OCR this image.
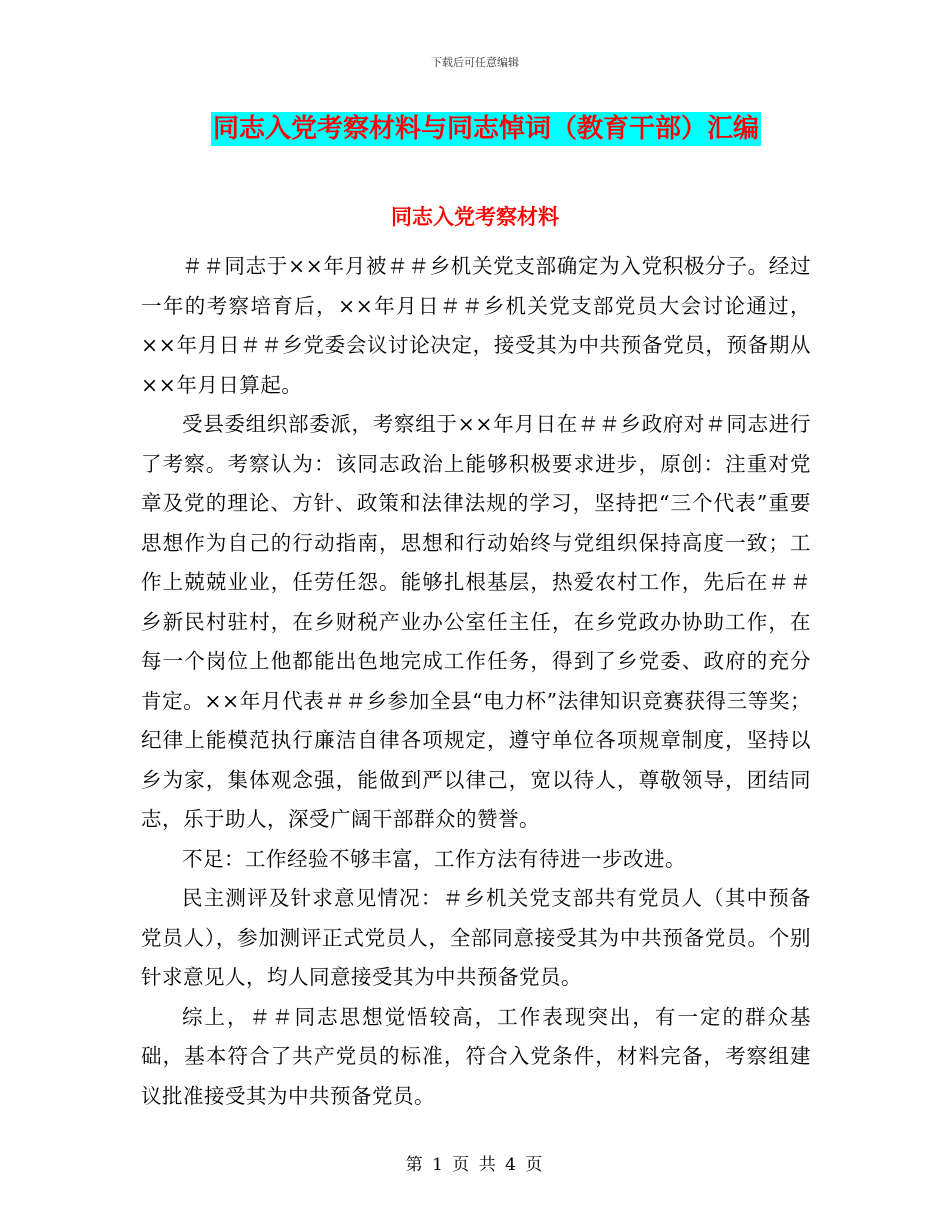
下载后可任意编辑
同志入党考察材料与同志悼词（教育干部）汇编
同志入党考察材料

＃＃同志于××年月被＃＃乡机关党支部确定为入党积极分子。经过一年的考察培育后，××年月日＃＃乡机关党支部党员大会讨论通过，××年月日＃＃乡党委会议讨论决定，接受其为中共预备党员，预备期从××年月日算起。

受县委组织部委派，考察组于××年月日在＃＃乡政府对＃同志进行了考察。考察认为：该同志政治上能够积极要求进步，原创：注重对党章及党的理论、方针、政策和法律法规的学习，坚持把“三个代表”重要思想作为自己的行动指南，思想和行动始终与党组织保持高度一致；工作上兢兢业业，任劳任怨。能够扎根基层，热爱农村工作，先后在＃＃乡新民村驻村，在乡财税产业办公室任主任，在乡党政办协助工作，在每一个岗位上他都能出色地完成工作任务，得到了乡党委、政府的充分肯定。××年月代表＃＃乡参加全县“电力杯”法律知识竞赛获得三等奖；纪律上能模范执行廉洁自律各项规定，遵守单位各项规章制度，坚持以乡为家，集体观念强，能做到严以律己，宽以待人，尊敬领导，团结同志，乐于助人，深受广阔干部群众的赞誉。

不足：工作经验不够丰富，工作方法有待进一步改进。

民主测评及针求意见情况：＃乡机关党支部共有党员人（其中预备党员人），参加测评正式党员人，全部同意接受其为中共预备党员。个别针求意见人，均人同意接受其为中共预备党员。

综上，＃＃同志思想觉悟较高，工作表现突出，有一定的群众基础，基本符合了共产党员的标准，符合入党条件，材料完备，考察组建议批准接受其为中共预备党员。

第 1 页 共 4 页
